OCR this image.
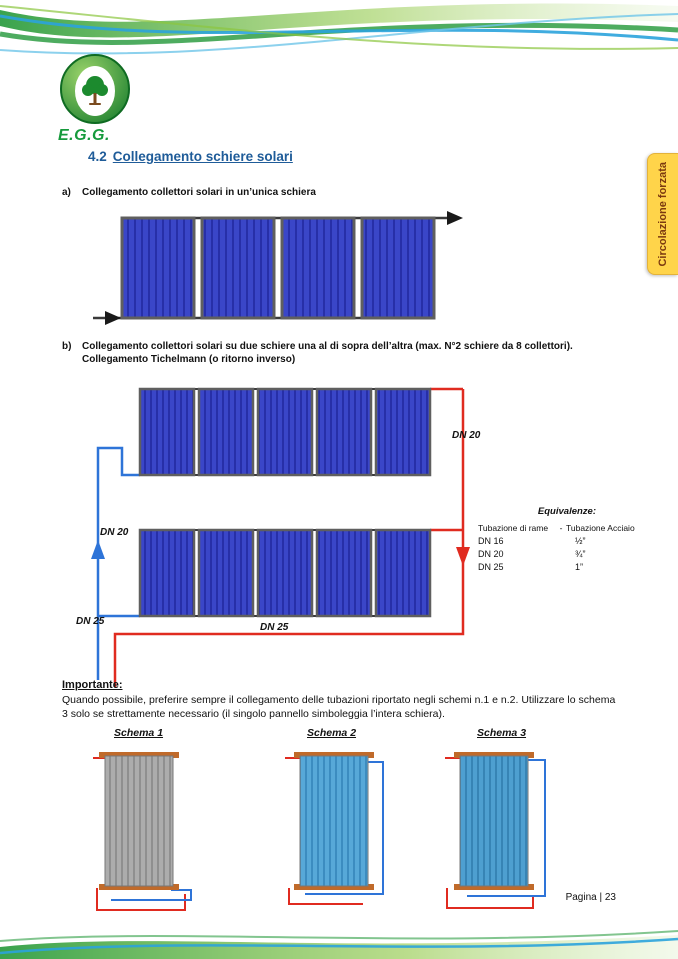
E.G.G.
Circolazione forzata
4.2 Collegamento schiere solari
a)	Collegamento collettori solari in un’unica schiera
b)	Collegamento collettori solari su due schiere una al di sopra dell’altra (max. N°2 schiere da 8 collettori).
Collegamento Tichelmann (o ritorno inverso)
DN 20
DN 20
DN 25
DN 25
Equivalenze:
Tubazione di rame	- Tubazione Acciaio
DN 16	½”
DN 20	¾”
DN 25	1”
Importante:
Quando possibile, preferire sempre il collegamento delle tubazioni riportato negli schemi n.1 e n.2. Utilizzare lo schema 3 solo se strettamente necessario (il singolo pannello simboleggia l’intera schiera).
Schema 1	Schema 2	Schema 3
Pagina | 23
